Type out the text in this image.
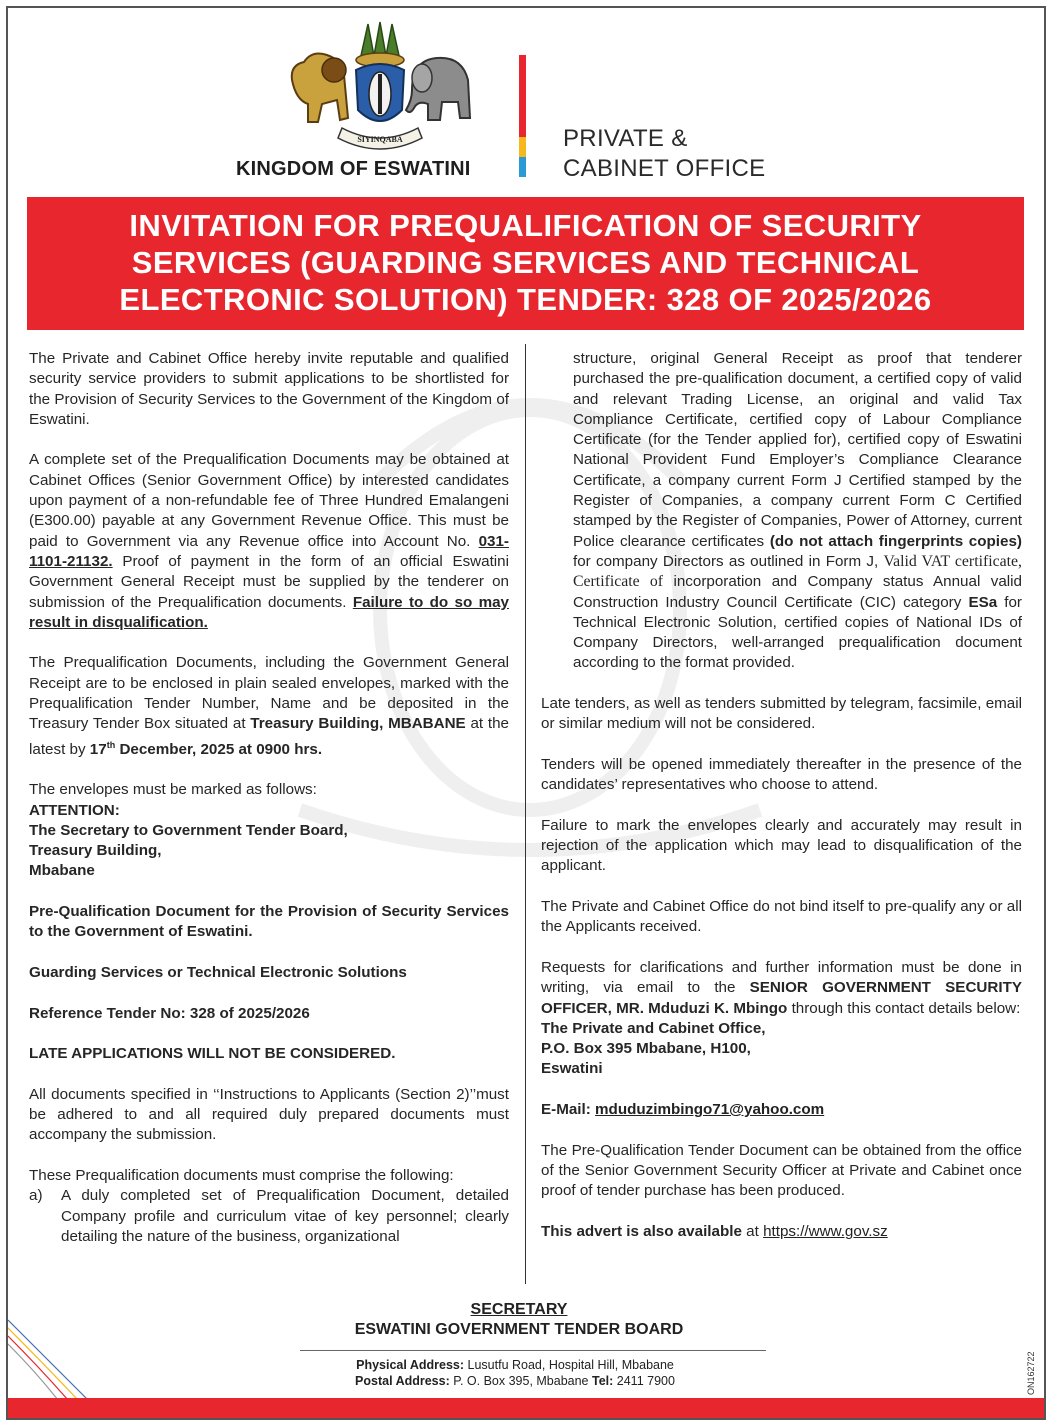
SIYINQABA
KINGDOM OF ESWATINI
PRIVATE &
CABINET OFFICE
INVITATION FOR PREQUALIFICATION OF SECURITY
SERVICES (GUARDING SERVICES AND TECHNICAL
ELECTRONIC SOLUTION) TENDER: 328 OF 2025/2026

The Private and Cabinet Office hereby invite reputable and qualified security service providers to submit applications to be shortlisted for the Provision of Security Services to the Government of the Kingdom of Eswatini.

A complete set of the Prequalification Documents may be obtained at Cabinet Offices (Senior Government Office) by interested candidates upon payment of a non-refundable fee of Three Hundred Emalangeni (E300.00) payable at any Government Revenue Office. This must be paid to Government via any Revenue office into Account No. 031- 1101-21132. Proof of payment in the form of an official Eswatini Government General Receipt must be supplied by the tenderer on submission of the Prequalification documents. Failure to do so may result in disqualification.

The Prequalification Documents, including the Government General Receipt are to be enclosed in plain sealed envelopes, marked with the Prequalification Tender Number, Name and be deposited in the Treasury Tender Box situated at Treasury Building, MBABANE at the latest by 17th December, 2025 at 0900 hrs.

The envelopes must be marked as follows:
ATTENTION:
The Secretary to Government Tender Board,
Treasury Building,
Mbabane

Pre-Qualification Document for the Provision of Security Services to the Government of Eswatini.

Guarding Services or Technical Electronic Solutions

Reference Tender No: 328 of 2025/2026

LATE APPLICATIONS WILL NOT BE CONSIDERED.

All documents specified in ‘‘Instructions to Applicants (Section 2)’’must be adhered to and all required duly prepared documents must accompany the submission.

These Prequalification documents must comprise the following:

a)	A duly completed set of Prequalification Document, detailed Company profile and curriculum vitae of key personnel; clearly detailing the nature of the business, organizational

structure, original General Receipt as proof that tenderer purchased the pre-qualification document, a certified copy of valid and relevant Trading License, an original and valid Tax Compliance Certificate, certified copy of Labour Compliance Certificate (for the Tender applied for), certified copy of Eswatini National Provident Fund Employer’s Compliance Clearance Certificate, a company current Form J Certified stamped by the Register of Companies, a company current Form C Certified stamped by the Register of Companies, Power of Attorney, current Police clearance certificates (do not attach fingerprints copies) for company Directors as outlined in Form J, Valid VAT certificate, Certificate of incorporation and Company status Annual valid Construction Industry Council Certificate (CIC) category ESa for Technical Electronic Solution, certified copies of National IDs of Company Directors, well-arranged prequalification document according to the format provided.

Late tenders, as well as tenders submitted by telegram, facsimile, email or similar medium will not be considered.

Tenders will be opened immediately thereafter in the presence of the candidates’ representatives who choose to attend.

Failure to mark the envelopes clearly and accurately may result in rejection of the application which may lead to disqualification of the applicant.

The Private and Cabinet Office do not bind itself to pre-qualify any or all the Applicants received.

Requests for clarifications and further information must be done in writing, via email to the SENIOR GOVERNMENT SECURITY OFFICER, MR. Mduduzi K. Mbingo through this contact details below:
The Private and Cabinet Office,
P.O. Box 395 Mbabane, H100,
Eswatini

E-Mail: mduduzimbingo71@yahoo.com

The Pre-Qualification Tender Document can be obtained from the office of the Senior Government Security Officer at Private and Cabinet once proof of tender purchase has been produced.

This advert is also available at https://www.gov.sz

SECRETARY
ESWATINI GOVERNMENT TENDER BOARD
Physical Address: Lusutfu Road, Hospital Hill, Mbabane
Postal Address: P. O. Box 395, Mbabane Tel: 2411 7900	ON162722
